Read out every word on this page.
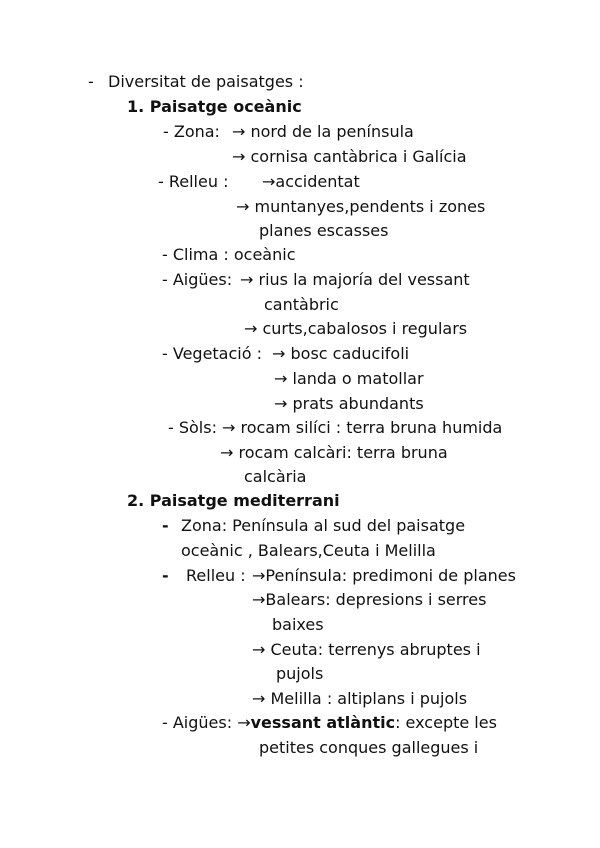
- Diversitat de paisatges :
1. Paisatge oceànic
- Zona: → nord de la península
→ cornisa cantàbrica i Galícia
- Relleu : →accidentat
→ muntanyes,pendents i zones
planes escasses
- Clima : oceànic
- Aigües: → rius la majoría del vessant
cantàbric
→ curts,cabalosos i regulars
- Vegetació : → bosc caducifoli
→ landa o matollar
→ prats abundants
- Sòls: → rocam silíci : terra bruna humida
→ rocam calcàri: terra bruna
calcària
2. Paisatge mediterrani
- Zona: Península al sud del paisatge
oceànic , Balears,Ceuta i Melilla
- Relleu : →Península: predimoni de planes
→Balears: depresions i serres
baixes
→ Ceuta: terrenys abruptes i
pujols
→ Melilla : altiplans i pujols
- Aigües: →vessant atlàntic: excepte les
petites conques gallegues i
